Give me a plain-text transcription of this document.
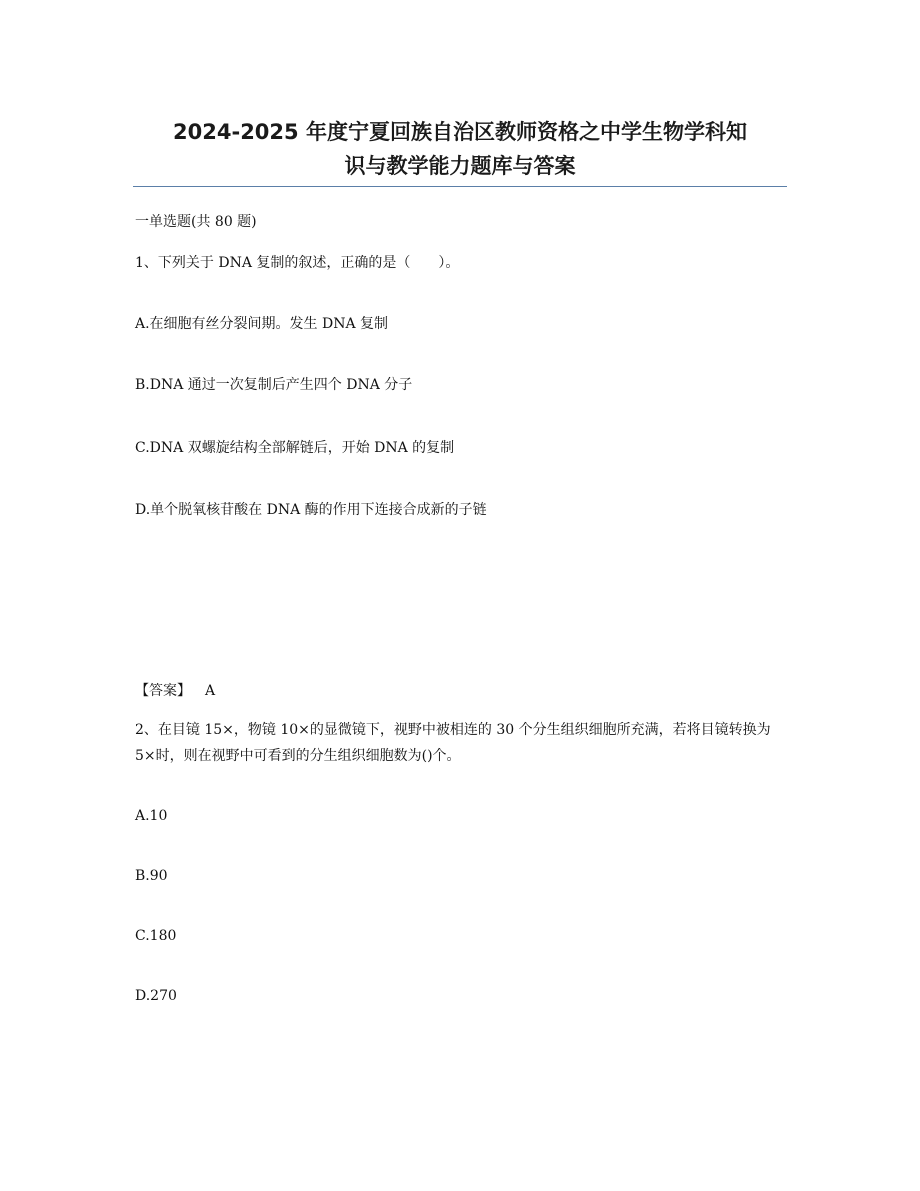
2024-2025 年度宁夏回族自治区教师资格之中学生物学科知
识与教学能力题库与答案

一单选题(共 80 题)

1、下列关于 DNA 复制的叙述，正确的是（　　）。

A.在细胞有丝分裂间期。发生 DNA 复制

B.DNA 通过一次复制后产生四个 DNA 分子

C.DNA 双螺旋结构全部解链后，开始 DNA 的复制

D.单个脱氧核苷酸在 DNA 酶的作用下连接合成新的子链

【答案】 A

2、在目镜 15×，物镜 10×的显微镜下，视野中被相连的 30 个分生组织细胞所充满，若将目镜转换为 5×时，则在视野中可看到的分生组织细胞数为()个。

A.10

B.90

C.180

D.270
